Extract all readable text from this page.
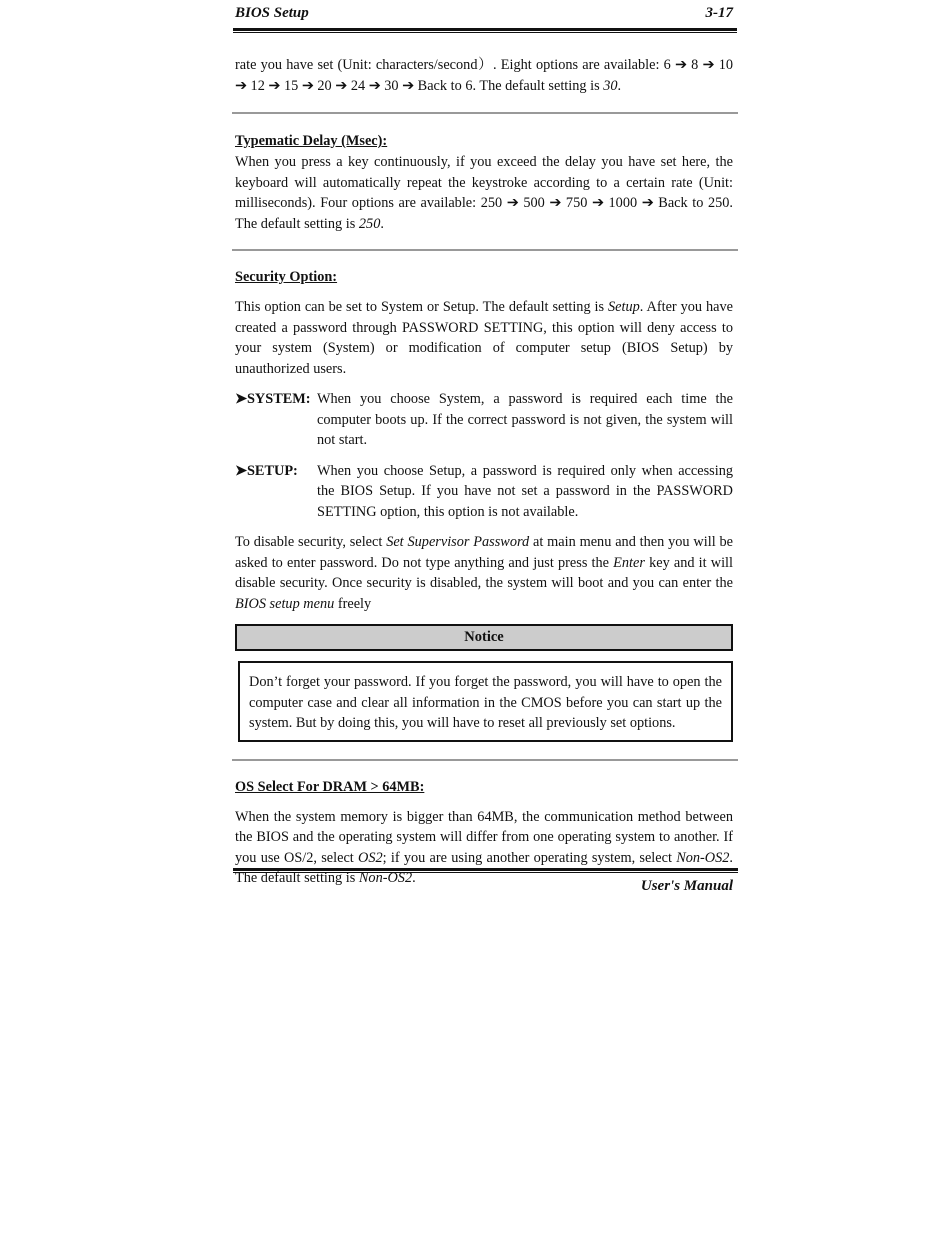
BIOS Setup	3-17

rate you have set (Unit: characters/second）. Eight options are available: 6 ➔ 8 ➔ 10 ➔ 12 ➔ 15 ➔ 20 ➔ 24 ➔ 30 ➔ Back to 6. The default setting is 30.

Typematic Delay (Msec):

When you press a key continuously, if you exceed the delay you have set here, the keyboard will automatically repeat the keystroke according to a certain rate (Unit: milliseconds). Four options are available: 250 ➔ 500 ➔ 750 ➔ 1000 ➔ Back to 250. The default setting is 250.

Security Option:

This option can be set to System or Setup. The default setting is Setup. After you have created a password through PASSWORD SETTING, this option will deny access to your system (System) or modification of computer setup (BIOS Setup) by unauthorized users.

➤SYSTEM: When you choose System, a password is required each time the computer boots up. If the correct password is not given, the system will not start.
➤SETUP:	When you choose Setup, a password is required only when accessing the BIOS Setup. If you have not set a password in the PASSWORD SETTING option, this option is not available.

To disable security, select Set Supervisor Password at main menu and then you will be asked to enter password. Do not type anything and just press the Enter key and it will disable security. Once security is disabled, the system will boot and you can enter the BIOS setup menu freely

Notice
Don’t forget your password. If you forget the password, you will have to open the computer case and clear all information in the CMOS before you can start up the system. But by doing this, you will have to reset all previously set options.
OS Select For DRAM > 64MB:

When the system memory is bigger than 64MB, the communication method between the BIOS and the operating system will differ from one operating system to another. If you use OS/2, select OS2; if you are using another operating system, select Non-OS2. The default setting is Non-OS2.	User's Manual
